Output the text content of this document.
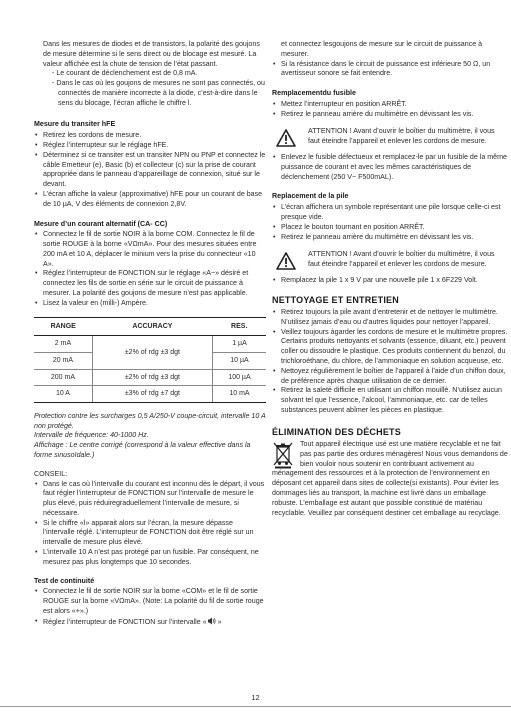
Dans les mesures de diodes et de transistors, la polarité des goujons de mesure détermine si le sens direct ou de blocage est mesuré. La valeur affichée est la chute de tension de l’état passant.

- Le courant de déclenchement est de 0,8 mA.

- Dans le cas où les goujons de mesures ne sont pas connectés, ou connectés de manière incorrecte à la diode, c’est-à-dire dans le sens du blocage, l’écran affiche le chiffre l.

Mesure du transiter hFE

• Retirez les cordons de mesure.
• Réglez l’interrupteur sur le réglage hFE.
• Déterminez si ce transiter est un transiter NPN ou PNP et connectez le câble Emetteur (e), Basic (b) et collecteur (c) sur la prise de courant appropriée dans le panneau d’appareillage de connexion, situé sur le devant.
• L’écran affiche la valeur (approximative) hFE pour un courant de base de 10 µA, V des éléments de connexion 2,8V.

Mesure d’un courant alternatif (CA- CC)

• Connectez le fil de sortie NOIR à la borne COM. Connectez le fil de sortie ROUGE à la borne «VΩmA». Pour des mesures situées entre 200 mA et 10 A, déplacer le minium vers la prise du connecteur «10 A».
• Réglez l’interrupteur de FONCTION sur le réglage «A~» désiré et connectez les fils de sortie en série sur le circuit de puissance à mesurer. La polarité des goujons de mesure n’est pas applicable.
• Lisez la valeur en (milli-) Ampère.
RANGE	ACCURACY	RES.
2 mA	±2% of rdg ±3 dgt	1 µA
20 mA		10 µA
200 mA	±2% of rdg ±3 dgt	100 µA
10 A	±3% of rdg ±7 dgt	10 mA

Protection contre les surcharges 0,5 A/250-V coupe-circuit, intervalle 10 A non protégé.

Intervalle de fréquence: 40-1000 Hz.

Affichage : Le centre corrigé (correspond à la valeur effective dans la forme sinusoïdale.)

CONSEIL:

• Dans le cas où l’intervalle du courant est inconnu dès le départ, il vous faut régler l’interrupteur de FONCTION sur l’intervalle de mesure le plus élevé, puis réduiregraduellement l’intervalle de mesure, si nécessaire.
• Si le chiffre «l» apparait alors sur l’écran, la mesure dépasse l’intervalle réglé. L’interrupteur de FONCTION doit être réglé sur un intervalle de mesure plus élevé.
• L’intervalle 10 A n’est pas protégé par un fusible. Par conséquent, ne mesurez pas plus longtemps que 10 secondes.

Test de continuité

• Connectez le fil de sortie NOIR sur la borne «COM» et le fil de sortie ROUGE sur la borne «VΩmA». (Note: La polarité du fil de sortie rouge est alors «+».)
• Réglez l’interrupteur de FONCTION sur l’intervalle « »

et connectez lesgoujons de mesure sur le circuit de puissance à mesurer.

• Si la résistance dans le circuit de puissance est inférieure 50 Ω, un avertisseur sonore se fait entendre.

Remplacementdu fusible

• Mettez l’interrupteur en position ARRÊT.
• Retirez le panneau arrière du multimètre en dévissant les vis.

ATTENTION ! Avant d’ouvrir le boîtier du multimètre, il vous faut éteindre l’appareil et enlever les cordons de mesure.

• Enlevez le fusible défectueux et remplacez-le par un fusible de la même puissance de courant et avec les mêmes caractéristiques de déclenchement (250 V~ F500mAL).

Replacement de la pile

• L’écran affichera un symbole représentant une pile lorsque celle-ci est presque vide.
• Placez le bouton tournant en position ARRÊT.
• Retirez le panneau arrière du multimètre en dévissant les vis.

ATTENTION ! Avant d’ouvrir le boîtier du multimètre, il vous faut éteindre l’appareil et enlever les cordons de mesure.

• Remplacez la pile 1 x 9 V par une nouvelle pile 1 x 6F229 Volt.

NETTOYAGE ET ENTRETIEN

• Retirez toujours la pile avant d’entretenir et de nettoyer le multimètre. N’utilisez jamais d’eau ou d’autres liquides pour nettoyer l’appareil.
• Veillez toujours àgarder les cordons de mesure et le multimètre propres. Certains produits nettoyants et solvants (essence, diluant, etc.) peuvent coller ou dissoudre le plastique. Ces produits contiennent du benzol, du trichloroéthane, du chlore, de l’ammoniaque en solution acqueuse, etc.
• Nettoyez régulièrement le boîtier de l’appareil à l’aide d’un chiffon doux, de préférence après chaque utilisation de ce dernier.
• Retirez la saleté difficile en utilisant un chiffon mouillé. N’utilisez aucun solvant tel que l’essence, l’alcool, l’ammoniaque, etc. car de telles substances peuvent abîmer les pièces en plastique.

ÉLIMINATION DES DÉCHETS

Tout appareil électrique usé est une matière recyclable et ne fait pas pas partie des ordures ménagères! Nous vous demandons de bien vouloir nous soutenir en contribuant activement au ménagement des ressources et à la protection de l’environnement en déposant cet appareil dans sites de collecte(si existants). Pour éviter les dommages liés au transport, la machine est livré dans un emballage robuste. L’emballage est autant que possible constitué de matériau recyclable. Veuillez par conséquent destiner cet emballage au recyclage.

12
